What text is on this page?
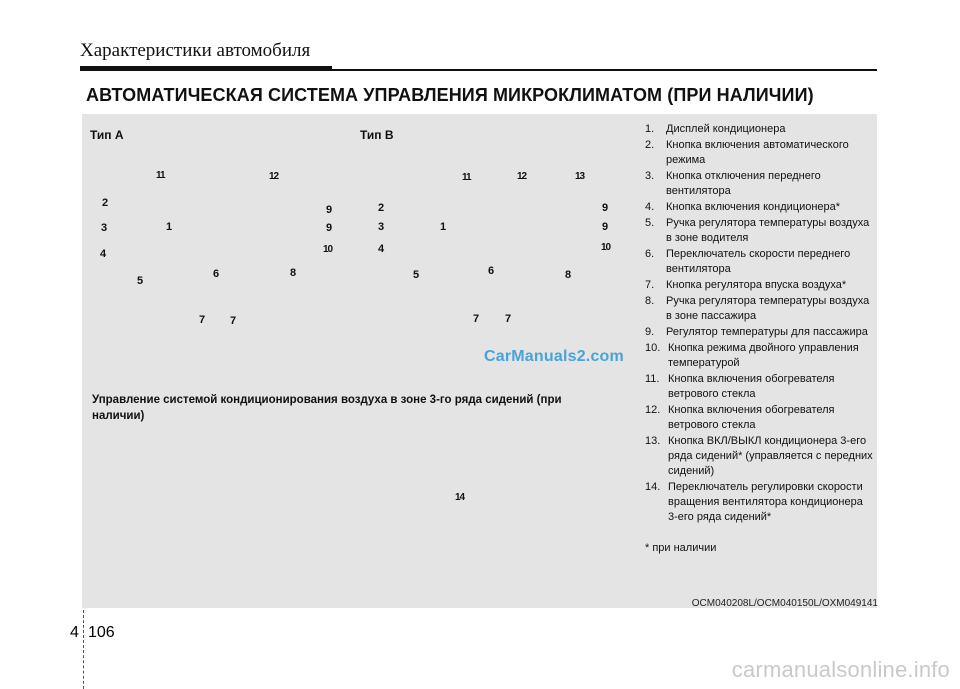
Характеристики автомобиля
АВТОМАТИЧЕСКАЯ СИСТЕМА УПРАВЛЕНИЯ МИКРОКЛИМАТОМ (ПРИ НАЛИЧИИ)
Тип А
11	12
2
9
3	1	9
4	10
6	8
5
7 7
Тип B
11	12	13
2	9
3	1	9
4	10
6
5	8
7 7
CarManuals2.com
Управление системой кондиционирования воздуха в зоне 3-го ряда сидений (при наличии)
14
1. Дисплей кондиционера
2. Кнопка включения автоматического режима
3. Кнопка отключения переднего вентилятора
4. Кнопка включения кондиционера*
5. Ручка регулятора температуры воздуха в зоне водителя
6. Переключатель скорости переднего вентилятора
7. Кнопка регулятора впуска воздуха*
8. Ручка регулятора температуры воздуха в зоне пассажира
9. Регулятор температуры для пассажира
10. Кнопка режима двойного управления температурой
11. Кнопка включения обогревателя ветрового стекла
12. Кнопка включения обогревателя ветрового стекла
13. Кнопка ВКЛ/ВЫКЛ кондиционера 3-его ряда сидений* (управляется с передних сидений)
14. Переключатель регулировки скорости вращения вентилятора кондиционера 3-его ряда сидений*
* при наличии
OCM040208L/OCM040150L/OXM049141
4 106
carmanualsonline.info
